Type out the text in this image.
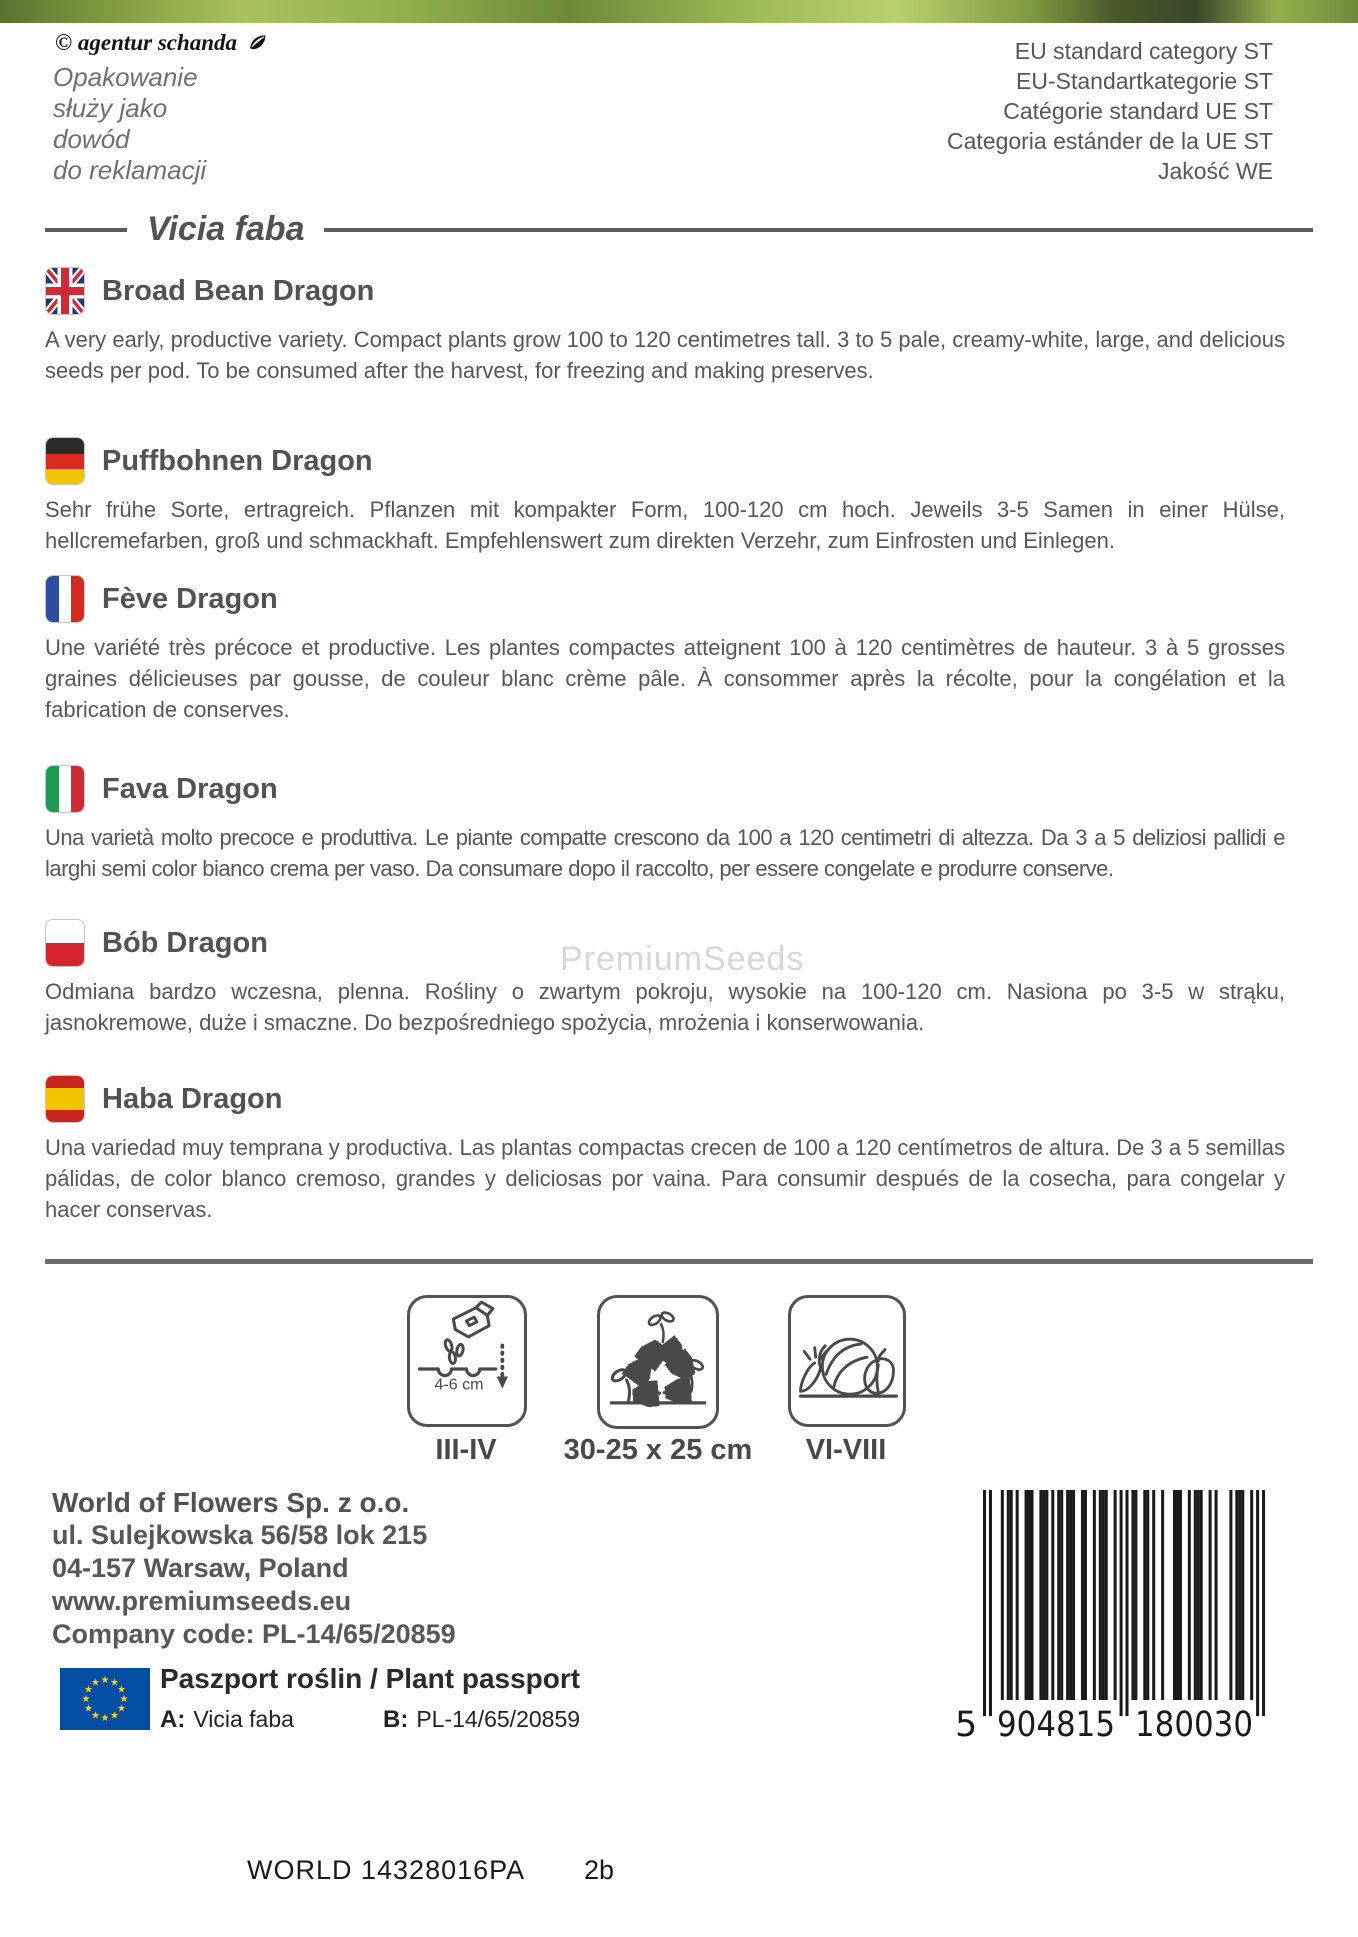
© agentur schanda
Opakowanie
służy jako
dowód
do reklamacji
EU standard category ST
EU-Standartkategorie ST
Catégorie standard UE ST
Categoria estánder de la UE ST
Jakość WE
Vicia faba
Broad Bean Dragon

A very early, productive variety. Compact plants grow 100 to 120 centimetres tall. 3 to 5 pale, creamy-white, large, and delicious seeds per pod. To be consumed after the harvest, for freezing and making preserves.

Puffbohnen Dragon

Sehr frühe Sorte, ertragreich. Pflanzen mit kompakter Form, 100-120 cm hoch. Jeweils 3-5 Samen in einer Hülse, hellcremefarben, groß und schmackhaft. Empfehlenswert zum direkten Verzehr, zum Einfrosten und Einlegen.

Fève Dragon

Une variété très précoce et productive. Les plantes compactes atteignent 100 à 120 centimètres de hauteur. 3 à 5 grosses graines délicieuses par gousse, de couleur blanc crème pâle. À consommer après la récolte, pour la congélation et la fabrication de conserves.

Fava Dragon

Una varietà molto precoce e produttiva. Le piante compatte crescono da 100 a 120 centimetri di altezza. Da 3 a 5 deliziosi pallidi e larghi semi color bianco crema per vaso. Da consumare dopo il raccolto, per essere congelate e produrre conserve.

Bób Dragon

Odmiana bardzo wczesna, plenna. Rośliny o zwartym pokroju, wysokie na 100-120 cm. Nasiona po 3-5 w strąku, jasnokremowe, duże i smaczne. Do bezpośredniego spożycia, mrożenia i konserwowania.

PremiumSeeds
Haba Dragon

Una variedad muy temprana y productiva. Las plantas compactas crecen de 100 a 120 centímetros de altura. De 3 a 5 semillas pálidas, de color blanco cremoso, grandes y deliciosas por vaina. Para consumir después de la cosecha, para congelar y hacer conservas.

4-6 cm
III-IV 30-25 x 25 cm VI-VIII
World of Flowers Sp. z o.o.
ul. Sulejkowska 56/58 lok 215
04-157 Warsaw, Poland
www.premiumseeds.eu
Company code: PL-14/65/20859
★ ★
★
★
★
★
★
★
★
★
★
★ Paszport roślin / Plant passport
A: Vicia faba	B: PL-14/65/20859	5 904815 180030
WORLD 14328016PA 2b
